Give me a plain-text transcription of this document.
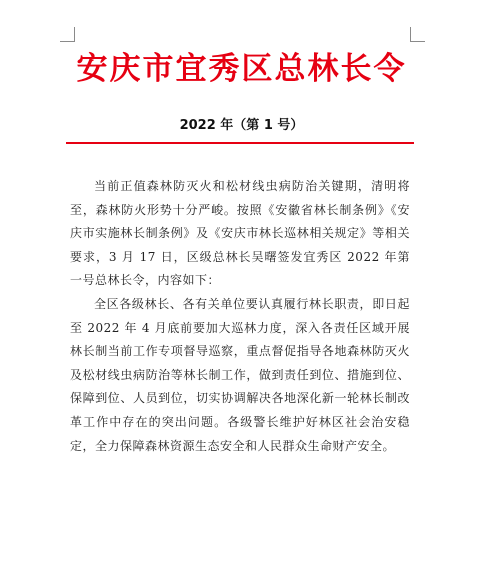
安庆市宜秀区总林长令
2022 年（第 1 号）

当前正值森林防灭火和松材线虫病防治关键期，清明将至，森林防火形势十分严峻。按照《安徽省林长制条例》《安庆市实施林长制条例》及《安庆市林长巡林相关规定》等相关要求，3 月 17 日，区级总林长吴曙签发宜秀区 2022 年第一号总林长令，内容如下：

全区各级林长、各有关单位要认真履行林长职责，即日起至 2022 年 4 月底前要加大巡林力度，深入各责任区域开展林长制当前工作专项督导巡察，重点督促指导各地森林防灭火及松材线虫病防治等林长制工作，做到责任到位、措施到位、保障到位、人员到位，切实协调解决各地深化新一轮林长制改革工作中存在的突出问题。各级警长维护好林区社会治安稳定，全力保障森林资源生态安全和人民群众生命财产安全。
